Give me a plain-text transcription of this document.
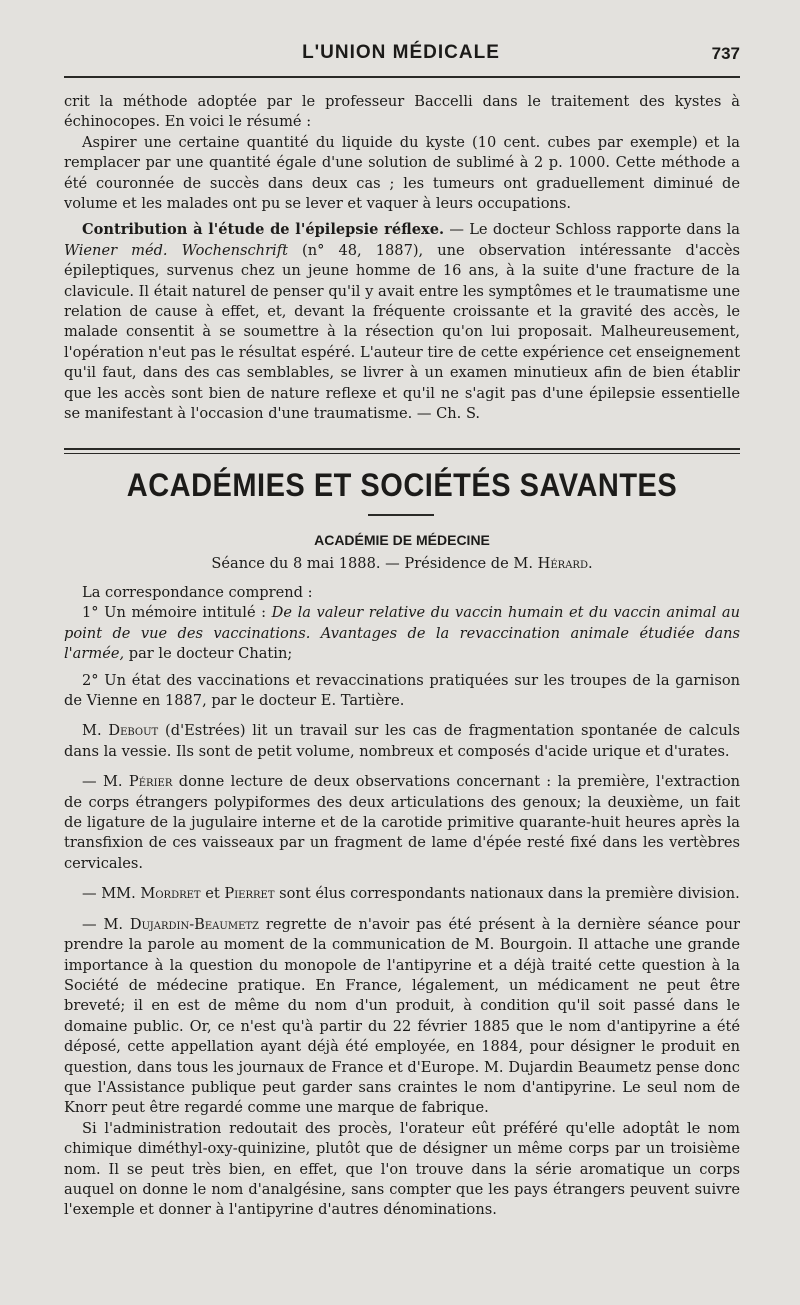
L'UNION MÉDICALE	737

crit la méthode adoptée par le professeur Baccelli dans le traitement des kystes à échinocopes. En voici le résumé :

Aspirer une certaine quantité du liquide du kyste (10 cent. cubes par exemple) et la remplacer par une quantité égale d'une solution de sublimé à 2 p. 1000. Cette méthode a été couronnée de succès dans deux cas ; les tumeurs ont graduellement diminué de volume et les malades ont pu se lever et vaquer à leurs occupations.

Contribution à l'étude de l'épilepsie réflexe. — Le docteur Schloss rapporte dans la Wiener méd. Wochenschrift (n° 48, 1887), une observation intéressante d'accès épileptiques, survenus chez un jeune homme de 16 ans, à la suite d'une fracture de la clavicule. Il était naturel de penser qu'il y avait entre les symptômes et le traumatisme une relation de cause à effet, et, devant la fréquente croissante et la gravité des accès, le malade consentit à se soumettre à la résection qu'on lui proposait. Malheureusement, l'opération n'eut pas le résultat espéré. L'auteur tire de cette expérience cet enseignement qu'il faut, dans des cas semblables, se livrer à un examen minutieux afin de bien établir que les accès sont bien de nature reflexe et qu'il ne s'agit pas d'une épilepsie essentielle se manifestant à l'occasion d'une traumatisme. — Ch. S.

ACADÉMIES ET SOCIÉTÉS SAVANTES
ACADÉMIE DE MÉDECINE
Séance du 8 mai 1888. — Présidence de M. Hérard.

La correspondance comprend :

1° Un mémoire intitulé : De la valeur relative du vaccin humain et du vaccin animal au point de vue des vaccinations. Avantages de la revaccination animale étudiée dans l'armée, par le docteur Chatin;

2° Un état des vaccinations et revaccinations pratiquées sur les troupes de la garnison de Vienne en 1887, par le docteur E. Tartière.

M. Debout (d'Estrées) lit un travail sur les cas de fragmentation spontanée de calculs dans la vessie. Ils sont de petit volume, nombreux et composés d'acide urique et d'urates.

— M. Périer donne lecture de deux observations concernant : la première, l'extraction de corps étrangers polypiformes des deux articulations des genoux; la deuxième, un fait de ligature de la jugulaire interne et de la carotide primitive quarante-huit heures après la transfixion de ces vaisseaux par un fragment de lame d'épée resté fixé dans les vertèbres cervicales.

— MM. Mordret et Pierret sont élus correspondants nationaux dans la première division.

— M. Dujardin-Beaumetz regrette de n'avoir pas été présent à la dernière séance pour prendre la parole au moment de la communication de M. Bourgoin. Il attache une grande importance à la question du monopole de l'antipyrine et a déjà traité cette question à la Société de médecine pratique. En France, légalement, un médicament ne peut être breveté; il en est de même du nom d'un produit, à condition qu'il soit passé dans le domaine public. Or, ce n'est qu'à partir du 22 février 1885 que le nom d'antipyrine a été déposé, cette appellation ayant déjà été employée, en 1884, pour désigner le produit en question, dans tous les journaux de France et d'Europe. M. Dujardin Beaumetz pense donc que l'Assistance publique peut garder sans craintes le nom d'antipyrine. Le seul nom de Knorr peut être regardé comme une marque de fabrique.

Si l'administration redoutait des procès, l'orateur eût préféré qu'elle adoptât le nom chimique diméthyl-oxy-quinizine, plutôt que de désigner un même corps par un troisième nom. Il se peut très bien, en effet, que l'on trouve dans la série aromatique un corps auquel on donne le nom d'analgésine, sans compter que les pays étrangers peuvent suivre l'exemple et donner à l'antipyrine d'autres dénominations.
